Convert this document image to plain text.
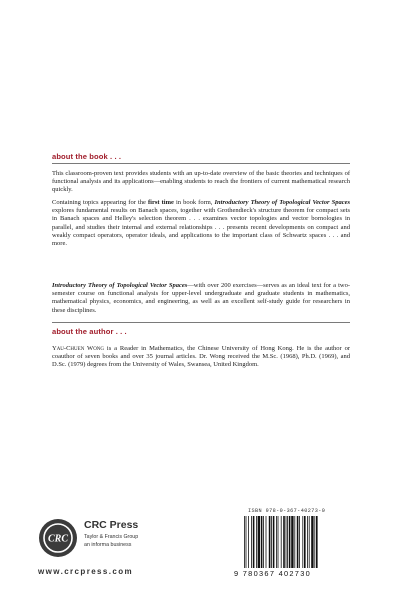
about the book . . .

This classroom-proven text provides students with an up-to-date overview of the basic theories and techniques of functional analysis and its applications—enabling students to reach the frontiers of current mathematical research quickly.

Containing topics appearing for the first time in book form, Introductory Theory of Topological Vector Spaces explores fundamental results on Banach spaces, together with Grothendieck's structure theorem for compact sets in Banach spaces and Helley's selection theorem . . . examines vector topologies and vector bornologies in parallel, and studies their internal and external relationships . . . presents recent developments on compact and weakly compact operators, operator ideals, and applications to the important class of Schwartz spaces . . . and more.

Introductory Theory of Topological Vector Spaces—with over 200 exercises—serves as an ideal text for a two-semester course on functional analysis for upper-level undergraduate and graduate students in mathematics, mathematical physics, economics, and engineering, as well as an excellent self-study guide for researchers in these disciplines.

about the author . . .

Yau-Chuen Wong is a Reader in Mathematics, the Chinese University of Hong Kong. He is the author or coauthor of seven books and over 35 journal articles. Dr. Wong received the M.Sc. (1968), Ph.D. (1969), and D.Sc. (1979) degrees from the University of Wales, Swansea, United Kingdom.

CRC
CRC Press
Taylor & Francis Group
an informa business
www.crcpress.com
ISBN 978-0-367-40273-0
9 780367 402730
